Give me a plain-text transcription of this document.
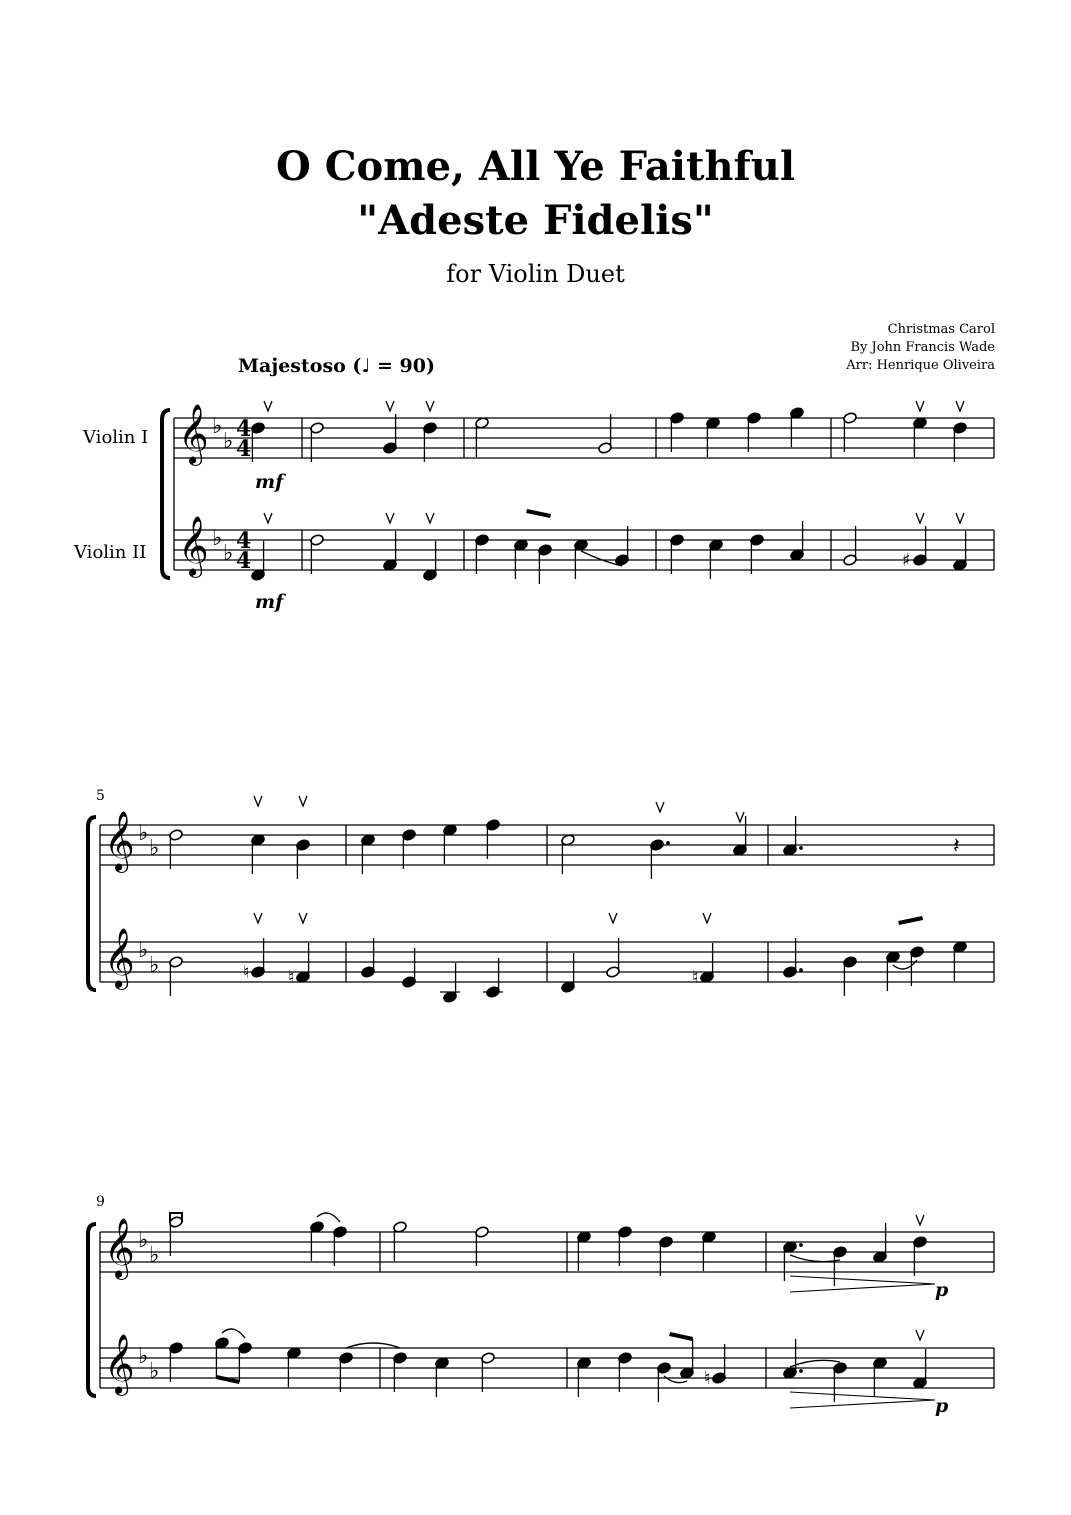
O Come, All Ye Faithful
"Adeste Fidelis"
for Violin Duet
Christmas Carol
By John Francis Wade
Arr: Henrique Oliveira
Majestoso (♩ = 90)
Violin I
Violin II
5
9
𝄞 ♭
♭ 4
4
𝄞 ♭
♭ 4
4
𝄞 ♭
♭
𝄞 ♭
♭
𝄞 ♭
♭
𝄞 ♭
♭
mf
♯
mf
𝄽
♮ ♮	♮
p
♮
p
